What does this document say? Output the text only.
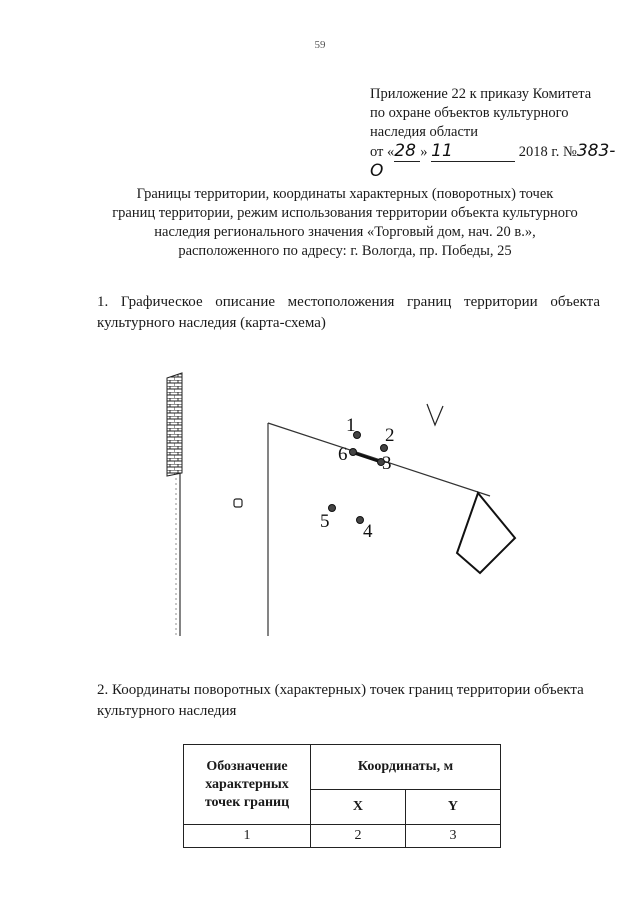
59
Приложение 22 к приказу Комитета
по охране объектов культурного
наследия области
от «28 » 11	2018 г. №383-О
Границы территории, координаты характерных (поворотных) точек
границ территории, режим использования территории объекта культурного
наследия регионального значения «Торговый дом, нач. 20 в.»,
расположенного по адресу: г. Вологда, пр. Победы, 25
1. Графическое описание местоположения границ территории объекта культурного наследия (карта-схема)
1 2
3
4
5
6
2. Координаты поворотных (характерных) точек границ территории объекта культурного наследия
Обозначение характерных точек границ	Координаты, м	
	X	Y
1	2	3
